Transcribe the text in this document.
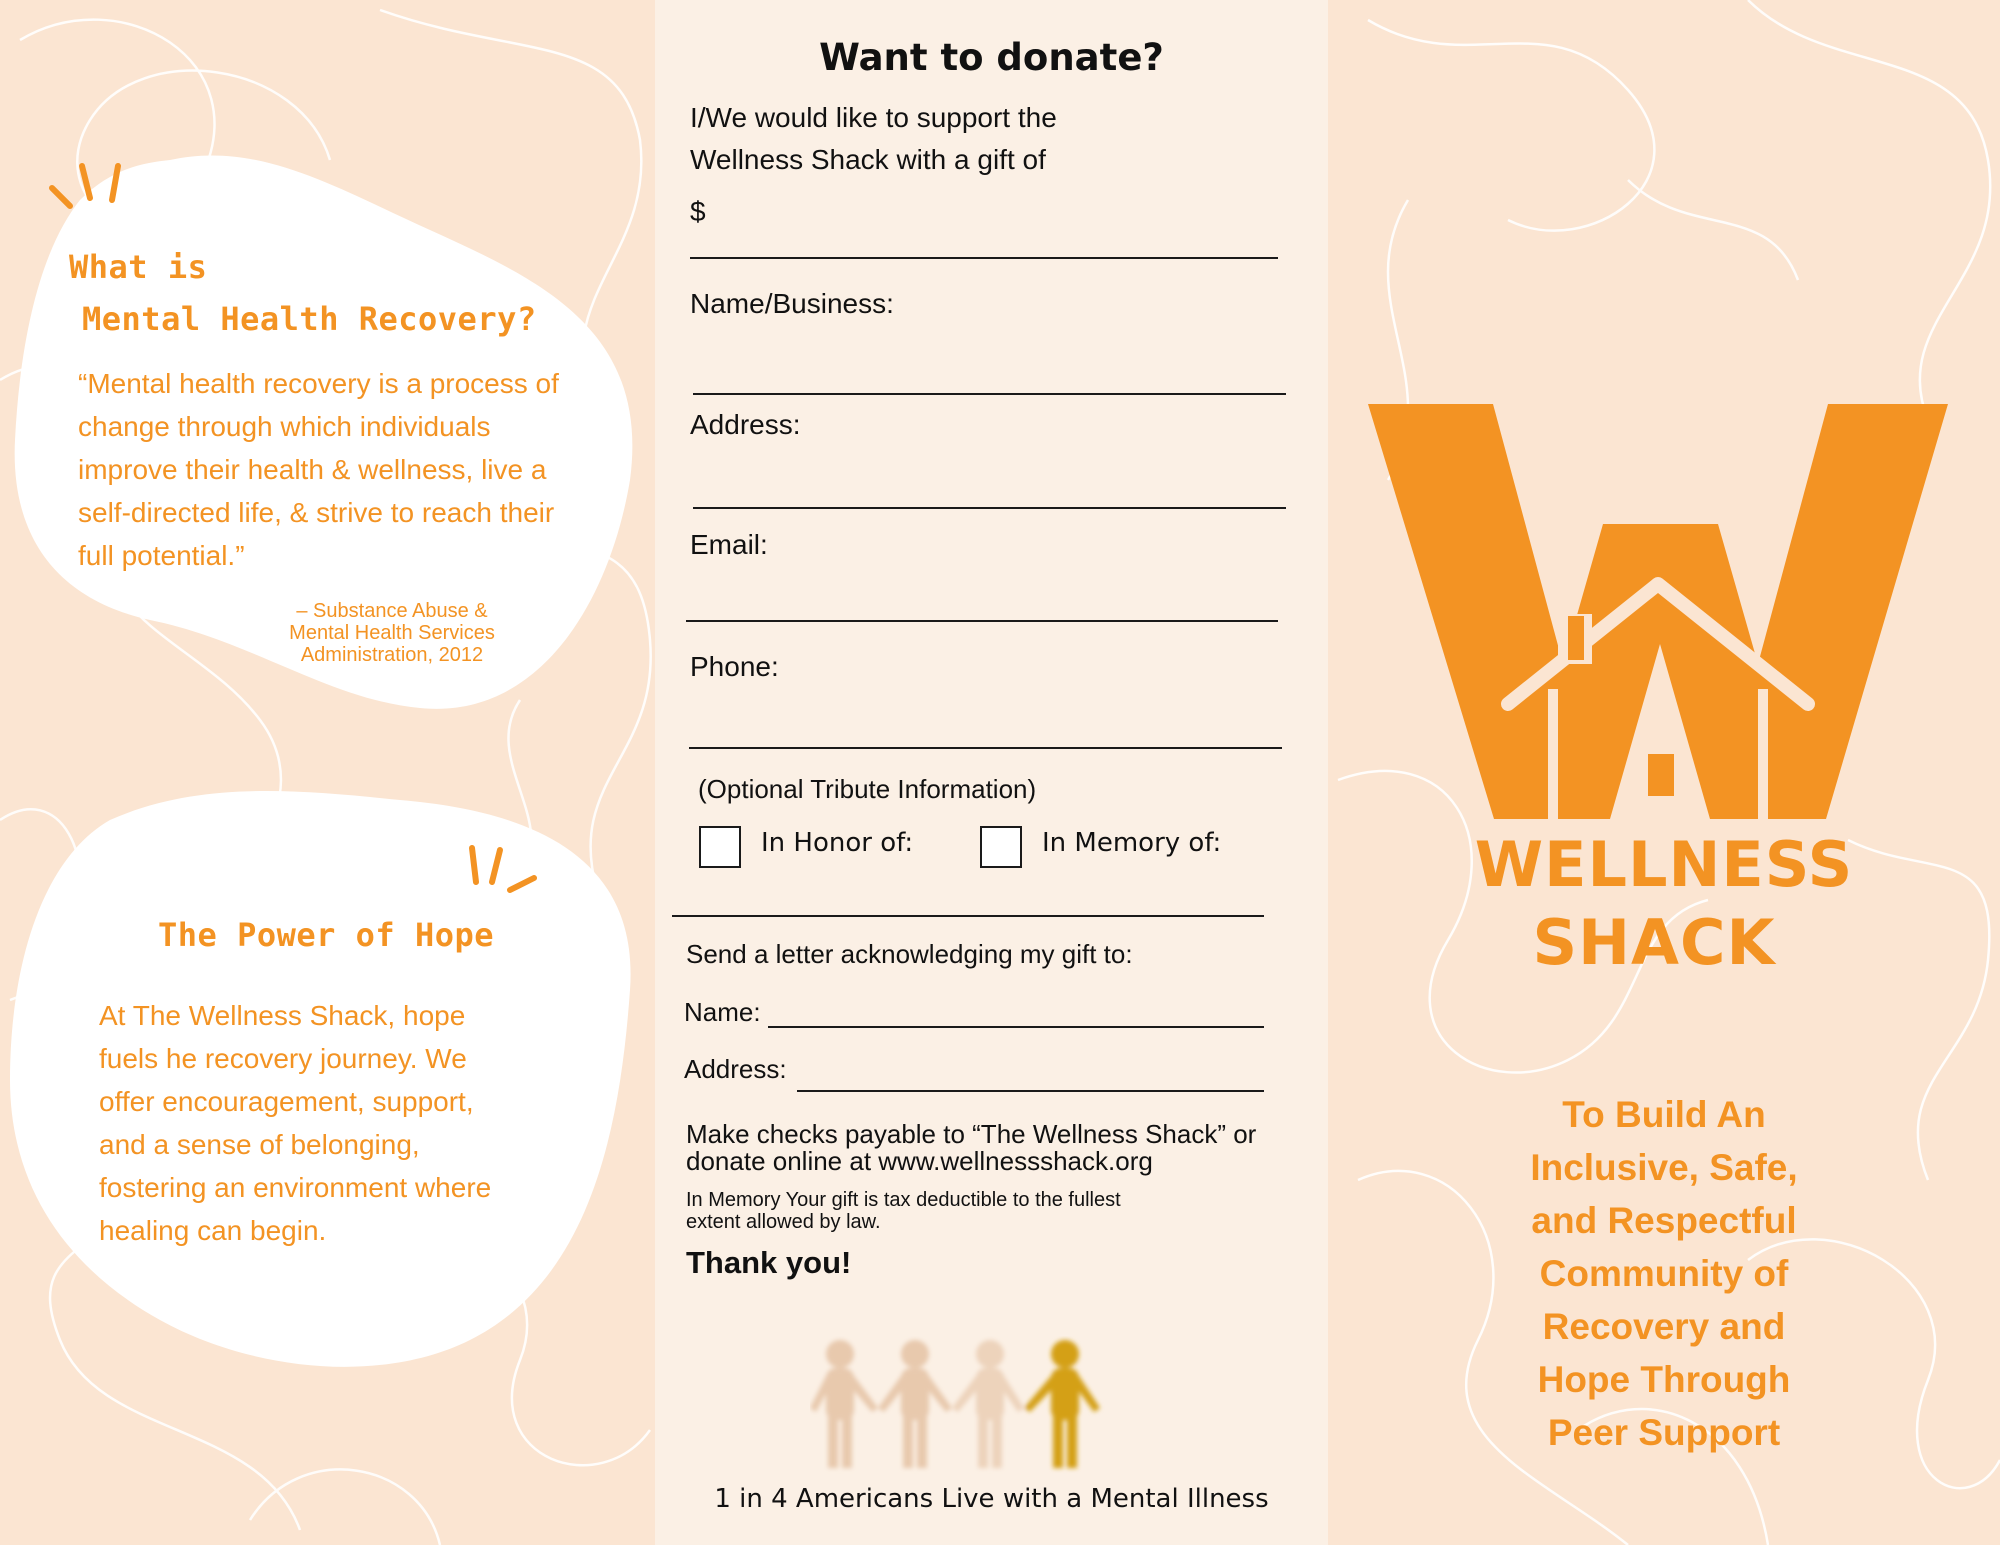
What is
Mental Health Recovery?
“Mental health recovery is a process of
change through which individuals
improve their health & wellness, live a
self-directed life, & strive to reach their
full potential.”
– Substance Abuse &
Mental Health Services
Administration, 2012
The Power of Hope
At The Wellness Shack, hope
fuels he recovery journey. We
offer encouragement, support,
and a sense of belonging,
fostering an environment where
healing can begin.
Want to donate?
I/We would like to support the
Wellness Shack with a gift of
$
Name/Business:
Address:
Email:
Phone:
(Optional Tribute Information)
In Honor of:	In Memory of:
Send a letter acknowledging my gift to:
Name:
Address:
Make checks payable to “The Wellness Shack” or
donate online at www.wellnessshack.org
In Memory Your gift is tax deductible to the fullest
extent allowed by law.
Thank you!
1 in 4 Americans Live with a Mental Illness
WELLNESS
SHACK
To Build An
Inclusive, Safe,
and Respectful
Community of
Recovery and
Hope Through
Peer Support
